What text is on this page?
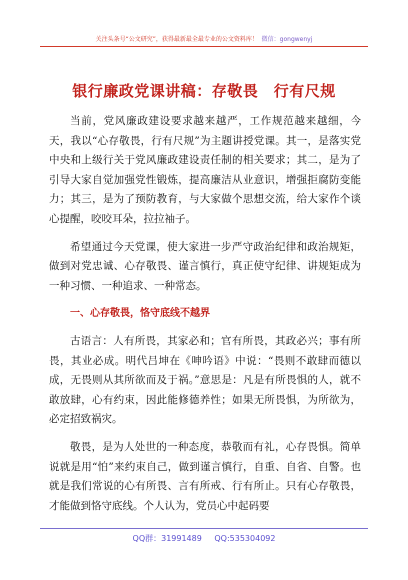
关注头条号“公文研究”，获得最新最全最专业的公文资料库！ 微信：gongwenyj
银行廉政党课讲稿：存敬畏　行有尺规

当前，党风廉政建设要求越来越严，工作规范越来越细，今天，我以“心存敬畏，行有尺规”为主题讲授党课。其一，是落实党中央和上级行关于党风廉政建设责任制的相关要求；其二，是为了引导大家自觉加强党性锻炼，提高廉洁从业意识，增强拒腐防变能力；其三，是为了预防教育，与大家做个思想交流，给大家作个谈心提醒，咬咬耳朵，拉拉袖子。

希望通过今天党课，使大家进一步严守政治纪律和政治规矩，做到对党忠诚、心存敬畏、谨言慎行，真正使守纪律、讲规矩成为一种习惯、一种追求、一种常态。

一、心存敬畏，恪守底线不越界

古语言：人有所畏，其家必和；官有所畏，其政必兴；事有所畏，其业必成。明代吕坤在《呻吟语》中说：“畏则不敢肆而德以成，无畏则从其所欲而及于祸。”意思是：凡是有所畏惧的人，就不敢放肆，心有约束，因此能修德养性；如果无所畏惧，为所欲为，必定招致祸灾。

敬畏，是为人处世的一种态度，恭敬而有礼，心存畏惧。简单说就是用“怕”来约束自己，做到谨言慎行，自重、自省、自警。也就是我们常说的心有所畏、言有所戒、行有所止。只有心存敬畏，才能做到恪守底线。个人认为，党员心中起码要

QQ群：31991489 QQ:535304092
